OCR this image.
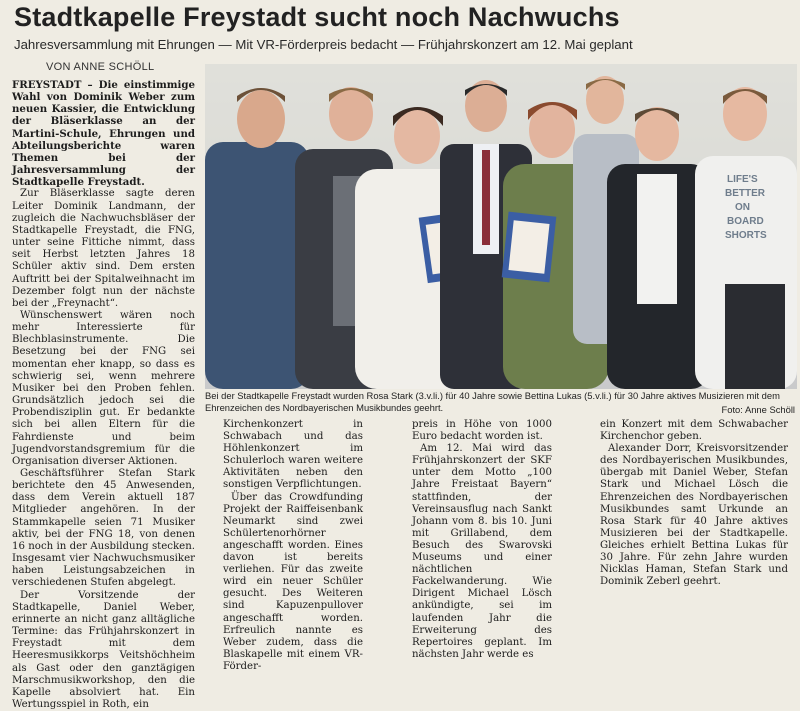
Stadtkapelle Freystadt sucht noch Nachwuchs
Jahresversammlung mit Ehrungen — Mit VR-Förderpreis bedacht — Frühjahrskonzert am 12. Mai geplant
VON ANNE SCHÖLL

FREYSTADT – Die einstimmige Wahl von Dominik Weber zum neuen Kassier, die Entwicklung der Bläserklasse an der Martini-Schule, Ehrungen und Abteilungsberichte waren Themen bei der Jahresversammlung der Stadtkapelle Freystadt.

Zur Bläserklasse sagte deren Leiter Dominik Landmann, der zugleich die Nachwuchsbläser der Stadtkapelle Freystadt, die FNG, unter seine Fittiche nimmt, dass seit Herbst letzten Jahres 18 Schüler aktiv sind. Dem ersten Auftritt bei der Spitalweihnacht im Dezember folgt nun der nächste bei der „Freynacht“.

Wünschenswert wären noch mehr Interessierte für Blechblasinstrumente. Die Besetzung bei der FNG sei momentan eher knapp, so dass es schwierig sei, wenn mehrere Musiker bei den Proben fehlen. Grundsätzlich jedoch sei die Probendisziplin gut. Er bedankte sich bei allen Eltern für die Fahrdienste und beim Jugendvorstandsgremium für die Organisation diverser Aktionen.

Geschäftsführer Stefan Stark berichtete den 45 Anwesenden, dass dem Verein aktuell 187 Mitglieder angehören. In der Stammkapelle seien 71 Musiker aktiv, bei der FNG 18, von denen 16 noch in der Ausbildung stecken. Insgesamt vier Nachwuchsmusiker haben Leistungsabzeichen in verschiedenen Stufen abgelegt.

Der Vorsitzende der Stadtkapelle, Daniel Weber, erinnerte an nicht ganz alltägliche Termine: das Frühjahrskonzert in Freystadt mit dem Heeresmusikkorps Veitshöchheim als Gast oder den ganztägigen Marschmusikworkshop, den die Kapelle absolviert hat. Ein Wertungsspiel in Roth, ein

LIFE'S
BETTER
ON
BOARD
SHORTS
Bei der Stadtkapelle Freystadt wurden Rosa Stark (3.v.li.) für 40 Jahre sowie Bettina Lukas (5.v.li.) für 30 Jahre aktives Musizieren mit dem Ehrenzeichen des Nordbayerischen Musikbundes geehrt.	Foto: Anne Schöll

Kirchenkonzert in Schwabach und das Höhlenkonzert im Schulerloch waren weitere Aktivitäten neben den sonstigen Verpflichtungen.

Über das Crowdfunding Projekt der Raiffeisenbank Neumarkt sind zwei Schülertenorhörner angeschafft worden. Eines davon ist bereits verliehen. Für das zweite wird ein neuer Schüler gesucht. Des Weiteren sind Kapuzenpullover angeschafft worden. Erfreulich nannte es Weber zudem, dass die Blaskapelle mit einem VR-Förder-

preis in Höhe von 1000 Euro bedacht worden ist.

Am 12. Mai wird das Frühjahrskonzert der SKF unter dem Motto „100 Jahre Freistaat Bayern“ stattfinden, der Vereinsausflug nach Sankt Johann vom 8. bis 10. Juni mit Grillabend, dem Besuch des Swarovski Museums und einer nächtlichen Fackelwanderung. Wie Dirigent Michael Lösch ankündigte, sei im laufenden Jahr die Erweiterung des Repertoires geplant. Im nächsten Jahr werde es

ein Konzert mit dem Schwabacher Kirchenchor geben.

Alexander Dorr, Kreisvorsitzender des Nordbayerischen Musikbundes, übergab mit Daniel Weber, Stefan Stark und Michael Lösch die Ehrenzeichen des Nordbayerischen Musikbundes samt Urkunde an Rosa Stark für 40 Jahre aktives Musizieren bei der Stadtkapelle. Gleiches erhielt Bettina Lukas für 30 Jahre. Für zehn Jahre wurden Nicklas Haman, Stefan Stark und Dominik Zeberl geehrt.
